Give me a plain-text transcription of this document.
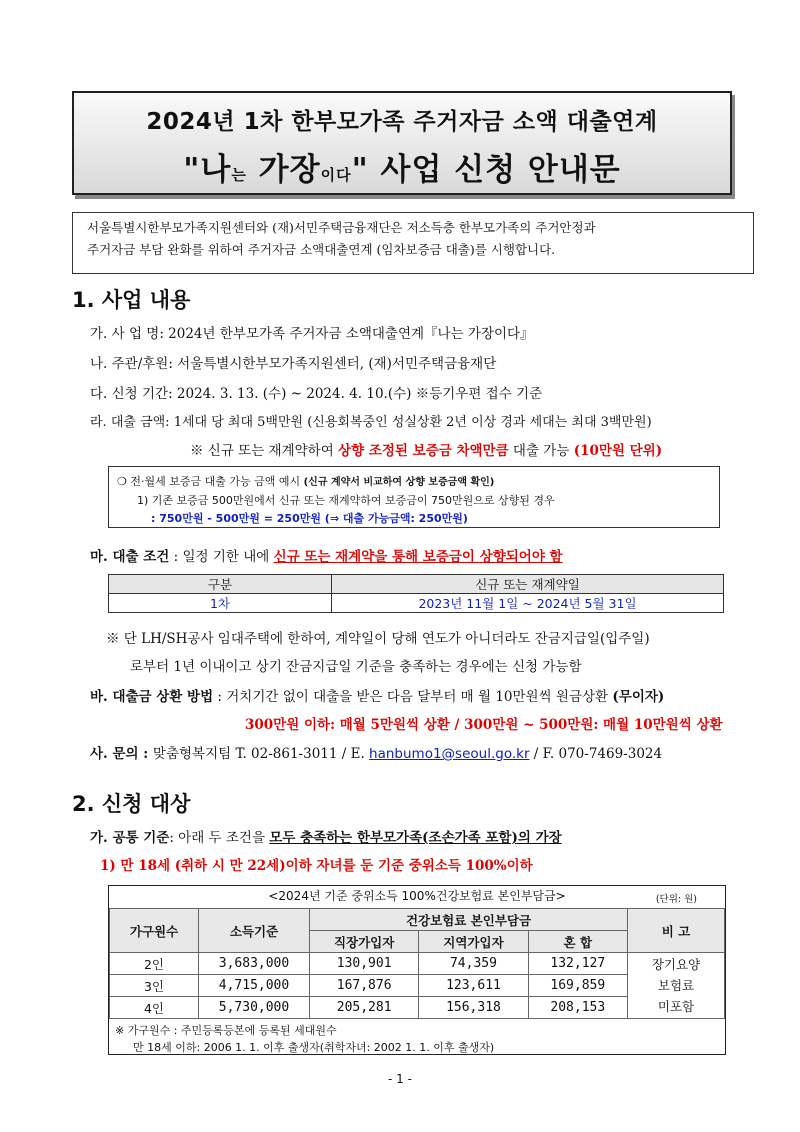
2024년 1차 한부모가족 주거자금 소액 대출연계
"나는 가장이다" 사업 신청 안내문
서울특별시한부모가족지원센터와 (재)서민주택금융재단은 저소득층 한부모가족의 주거안정과
주거자금 부담 완화를 위하여 주거자금 소액대출연계 (임차보증금 대출)를 시행합니다.
1. 사업 내용
가. 사 업 명: 2024년 한부모가족 주거자금 소액대출연계『나는 가장이다』
나. 주관/후원: 서울특별시한부모가족지원센터, (재)서민주택금융재단
다. 신청 기간: 2024. 3. 13. (수) ~ 2024. 4. 10.(수) ※등기우편 접수 기준
라. 대출 금액: 1세대 당 최대 5백만원 (신용회복중인 성실상환 2년 이상 경과 세대는 최대 3백만원)
※ 신규 또는 재계약하여 상향 조정된 보증금 차액만큼 대출 가능 (10만원 단위)
❍ 전·월세 보증금 대출 가능 금액 예시 (신규 계약서 비교하여 상향 보증금액 확인)
1) 기존 보증금 500만원에서 신규 또는 재계약하여 보증금이 750만원으로 상향된 경우
: 750만원 - 500만원 = 250만원 (⇒ 대출 가능금액: 250만원)
마. 대출 조건 : 일정 기한 내에 신규 또는 재계약을 통해 보증금이 상향되어야 함
구분	신규 또는 재계약일
1차	2023년 11월 1일 ~ 2024년 5월 31일
※ 단 LH/SH공사 임대주택에 한하여, 계약일이 당해 연도가 아니더라도 잔금지급일(입주일)
로부터 1년 이내이고 상기 잔금지급일 기준을 충족하는 경우에는 신청 가능함
바. 대출금 상환 방법 : 거치기간 없이 대출을 받은 다음 달부터 매 월 10만원씩 원금상환 (무이자)
300만원 이하: 매월 5만원씩 상환 / 300만원 ~ 500만원: 매월 10만원씩 상환
사. 문의 : 맞춤형복지팀 T. 02-861-3011 / E. hanbumo1@seoul.go.kr / F. 070-7469-3024
2. 신청 대상
가. 공통 기준: 아래 두 조건을 모두 충족하는 한부모가족(조손가족 포함)의 가장
1) 만 18세 (취하 시 만 22세)이하 자녀를 둔 기준 중위소득 100%이하
<2024년 기준 중위소득 100%건강보험료 본인부담금>	(단위: 원)
가구원수	소득기준	건강보험료 본인부담금			비 고
		직장가입자	지역가입자	혼 합	
2인	3,683,000	130,901	74,359	132,127	장기요양
보험료
미포함

3인	4,715,000	167,876	123,611	169,859	
4인	5,730,000	205,281	156,318	208,153	
※ 가구원수 : 주민등록등본에 등록된 세대원수
만 18세 이하: 2006 1. 1. 이후 출생자(취학자녀: 2002 1. 1. 이후 출생자)
- 1 -
